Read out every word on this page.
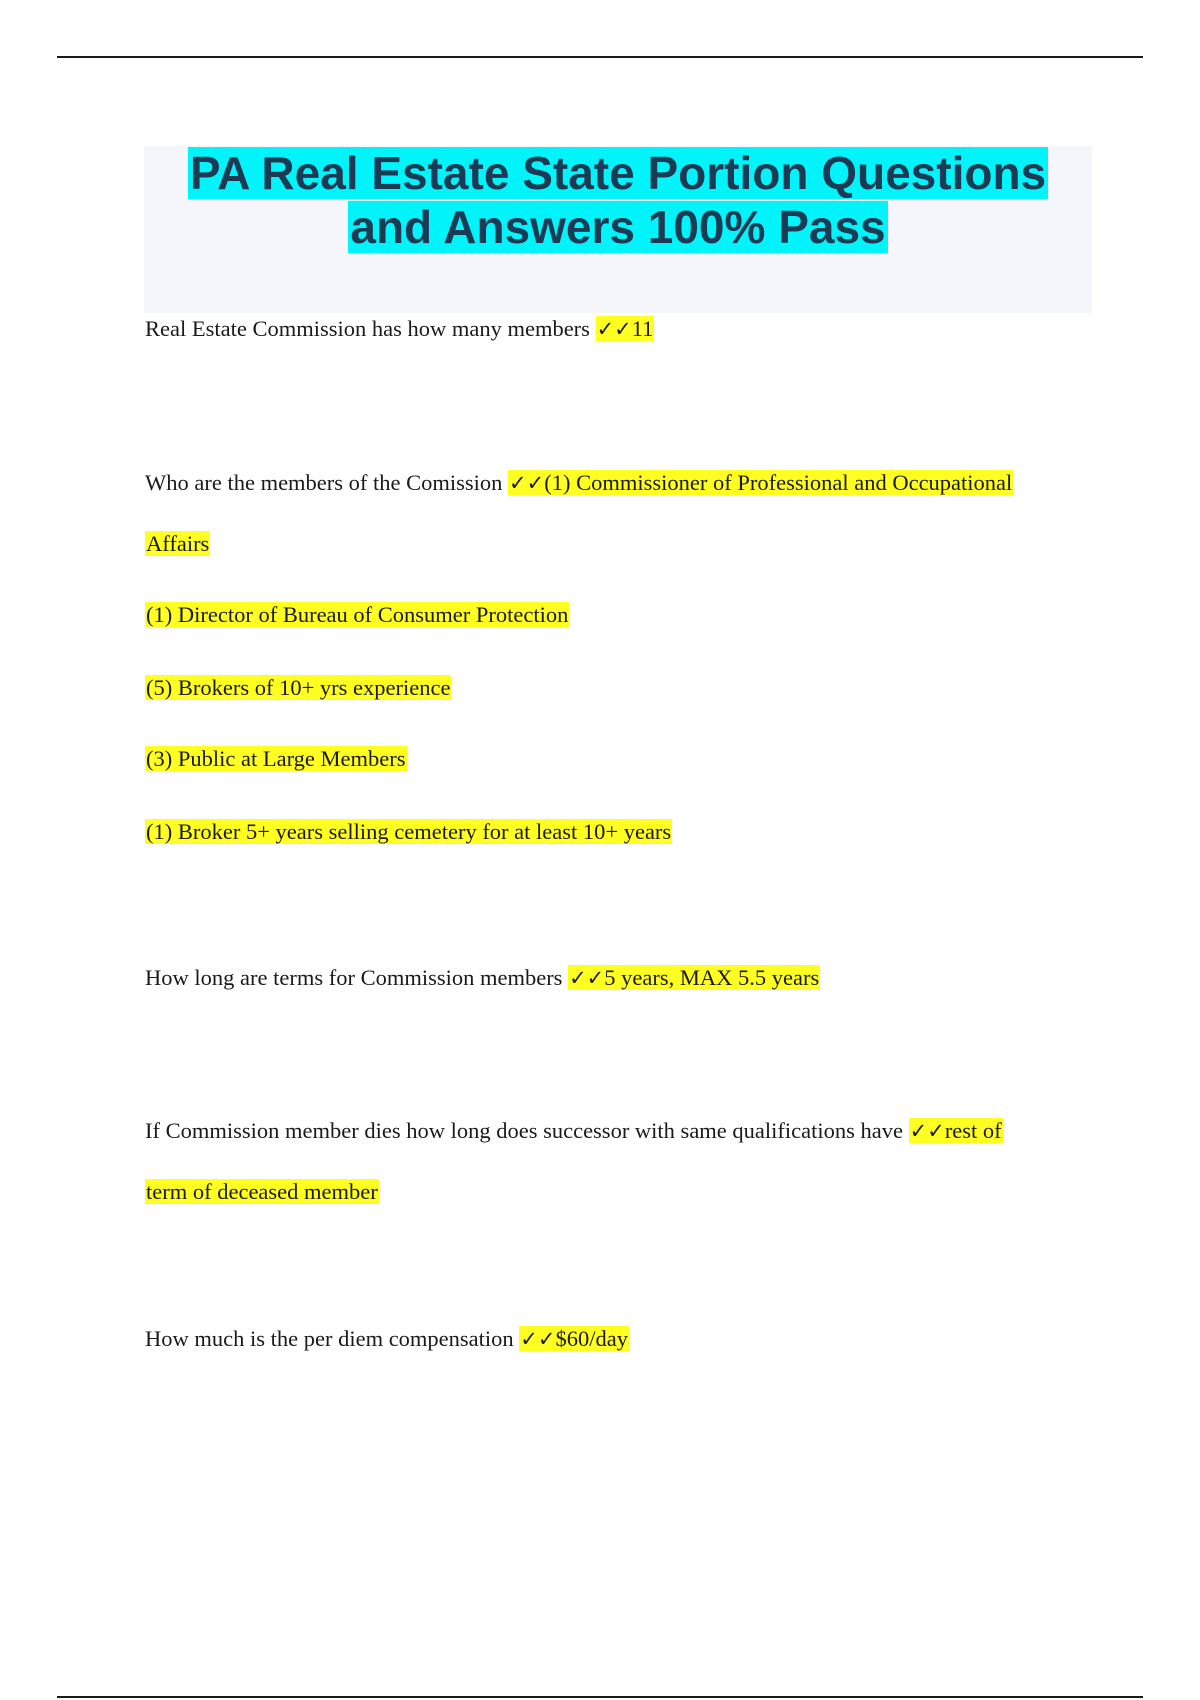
PA Real Estate State Portion Questions
and Answers 100% Pass

Real Estate Commission has how many members ✓✓11

Who are the members of the Comission ✓✓(1) Commissioner of Professional and Occupational

Affairs

(1) Director of Bureau of Consumer Protection

(5) Brokers of 10+ yrs experience

(3) Public at Large Members

(1) Broker 5+ years selling cemetery for at least 10+ years

How long are terms for Commission members ✓✓5 years, MAX 5.5 years

If Commission member dies how long does successor with same qualifications have ✓✓rest of

term of deceased member

How much is the per diem compensation ✓✓$60/day
